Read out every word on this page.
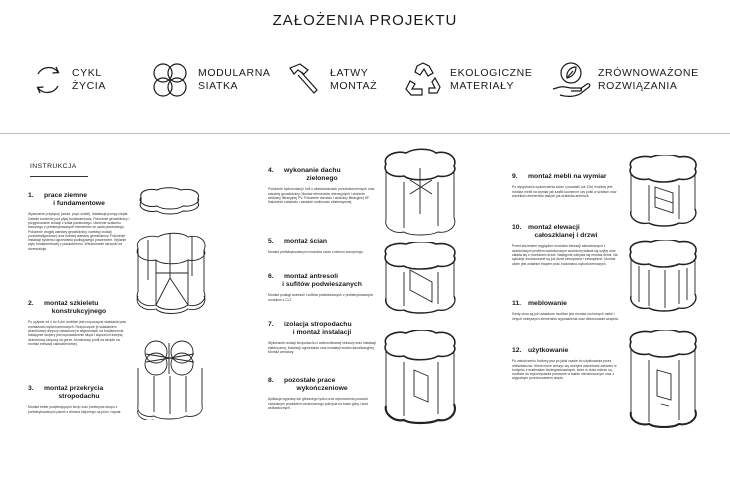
ZAŁOŻENIA PROJEKTU
CYKL
ŻYCIA
MODULARNA
SIATKA
ŁATWY
MONTAŻ
EKOLOGICZNE
MATERIAŁY
ZRÓWNOWAŻONE
ROZWIĄZANIA
INSTRUKCJA
1. prace ziemne
i fundamentowe

Wykonanie przyłączy (woda, prąd, ścieki). Instalacja pompy ciepła. Zalanie kominów pod płytę fundamentową. Położenie geowłókniny i przygotowanie izolacji z szkła piankowego. Ułożenie szalunku traconego z prefabrykowanych elementów ze szkła piankowego. Położenie drugiej warstwy geowłókniny, warstwy izolacji przeciwwilgociowej oraz trzeciej warstwy geowłókniny. Położenie instalacji systemu ogrzewania podłogowego powietrzem. Wylanie płyty fundamentowej z piaskobetonu. Wbudowanie skrzynki na drzewostoje.

2. montaż szkieletu
konstrukcyjnego

Po upływie od 4 do 6 dni możliwe jest rozpoczęcie składania prac montażowo-wykończeniowych. Rozpoczęcie je składaniem aluminiowej obręczy ustawionej w segmentach na fundamencie. Następnie stopery jest wprowadzenie słupa i złącza ich kolejną aluminiową obręczą na górze. Aluminiowy profil na stropie na montaż elewacji całoszkleniowej.

3. montaż przekrycia
stropodachu

Montaż belek podpierających strop oraz przekrycia stropu z prefabrykowanych paneli z drewna klejonego na pióro i wpust.

4. wykonanie dachu
zielonego

Położenie hydroizolacji i folii o właściwościach przeciwkorzennych oraz warstwy geowłókniny. Montaż elementów retencyjnych i złożenie włókniny filtracyjnej PV. Położenie drenażu i włókniny filtracyjnej SF. Nałożenie substratu i zasianie roślinności ekstensywnej.

5. montaż ścian

Montaż prefabrykowanych modułów ścian z betonu konopnego.

6. montaż antresoli
i sufitów podwieszanych

Montaż podłogi antresoli i sufitów podwieszanych z prefabrykowanych modułów z CLT.

7. izolacja stropodachu
i montaż instalacji

Wykonanie izolacji stropodachu z wdmuchiwanej celulozy oraz instalacji elektrycznej, instalacji ogrzewania oraz instalacji wodno-kanalizacyjnej. Montaż armatury.

8. pozostałe prace
wykończeniowe

Aplikacja wyprawy lub glinianego tynku oraz wykończenia powodzi naturalnym produktem ceramicznego pokrycia na bazie gliny i skał wulkanicznych.

9. montaż mebli na wymiar

Po wysychaniu wykończenia ścian i posadzki (ok 12h) możliwy jest montaż mebli na wymiar jak szafki kuchenne czy półki w szafach oraz wszelkich elementów stałych jak drabinka antresoli.

10. montaż elewacji
całoszklanej i drzwi

Przed złożeniem wyglądem modułów elewacji całoszklanych z aluminiowym profilem wartościowym wcześniej składa się szyby oraz składa się z montażem drzwi. Następnie odbywa się montaż drzwi. Na sytuacje dostosowane są już drzwi zewnętrzne i zewnętrzne. Montaż okien jest ostatnim etapem prac budowlano-wykończeniowych.

11. meblowanie

Kiedy okna są już ustawione możliwe jest montaż ruchomych mebli i innych mniejszych elementów wyposażenia oraz dekorowanie wnętrza.

12. użytkowanie

Po zakończeniu budowy jest po jakiś czasie do użytkowania przez mieszkańców. Klient może cieszyć się dobrymi warunkami zarówno w budynku z materiałów biodegradowalnych, które w duża mierze są możliwe do wykorzystania ponownie w stanie nienaruszonym oraz z wygodnym przechowaniem ciepła.
